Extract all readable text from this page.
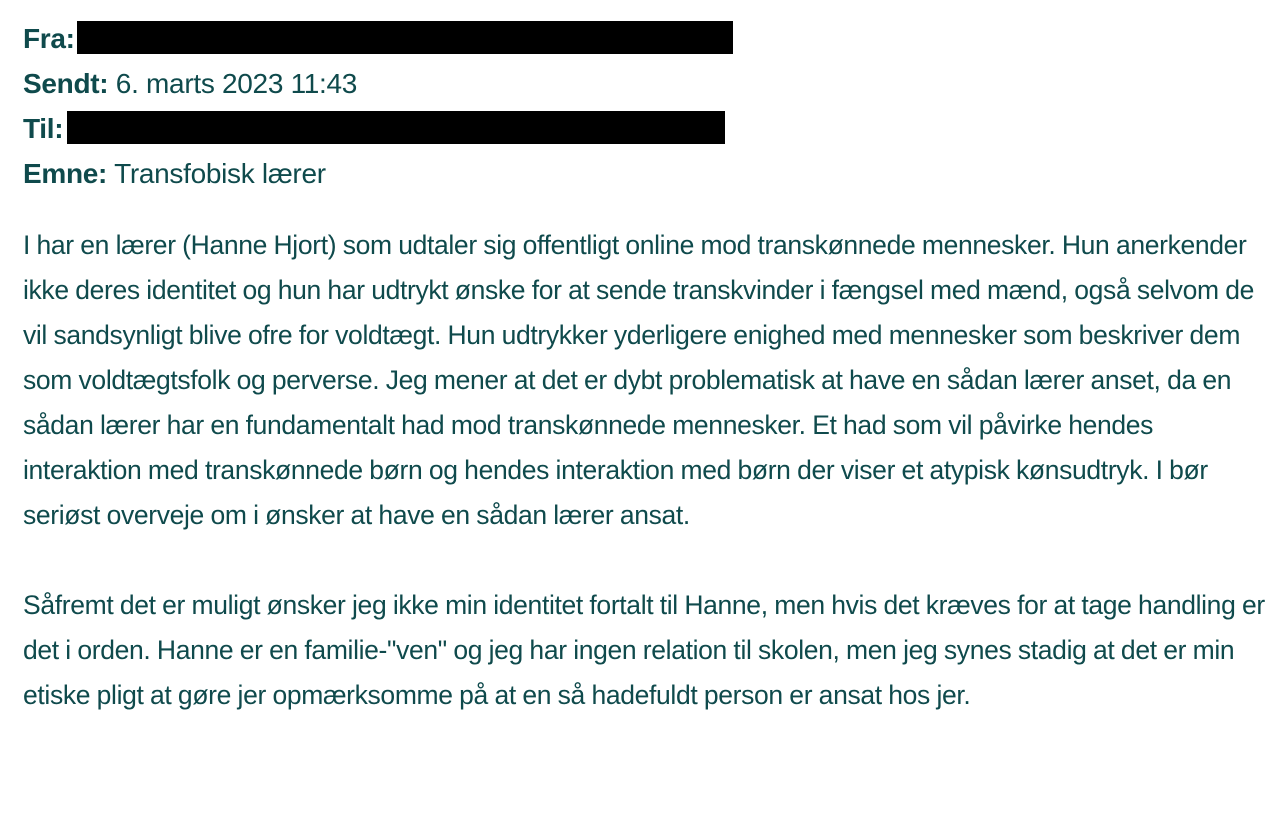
Fra:
Sendt: 6. marts 2023 11:43
Til:
Emne: Transfobisk lærer

I har en lærer (Hanne Hjort) som udtaler sig offentligt online mod transkønnede mennesker. Hun anerkender ikke deres identitet og hun har udtrykt ønske for at sende transkvinder i fængsel med mænd, også selvom de vil sandsynligt blive ofre for voldtægt. Hun udtrykker yderligere enighed med mennesker som beskriver dem som voldtægtsfolk og perverse. Jeg mener at det er dybt problematisk at have en sådan lærer anset, da en sådan lærer har en fundamentalt had mod transkønnede mennesker. Et had som vil påvirke hendes interaktion med transkønnede børn og hendes interaktion med børn der viser et atypisk kønsudtryk. I bør seriøst overveje om i ønsker at have en sådan lærer ansat.

Såfremt det er muligt ønsker jeg ikke min identitet fortalt til Hanne, men hvis det kræves for at tage handling er det i orden. Hanne er en familie-"ven" og jeg har ingen relation til skolen, men jeg synes stadig at det er min etiske pligt at gøre jer opmærksomme på at en så hadefuldt person er ansat hos jer.
